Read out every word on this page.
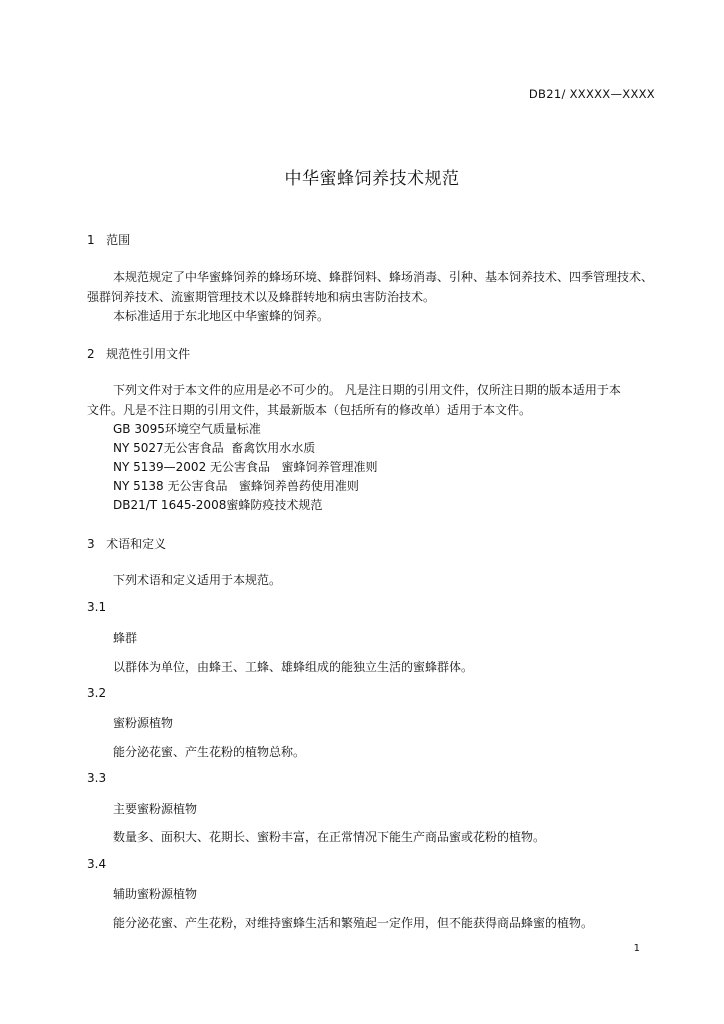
DB21/ XXXXX—XXXX
中华蜜蜂饲养技术规范
1   范围
本规范规定了中华蜜蜂饲养的蜂场环境、蜂群饲料、蜂场消毒、引种、基本饲养技术、四季管理技术、
强群饲养技术、流蜜期管理技术以及蜂群转地和病虫害防治技术。
本标准适用于东北地区中华蜜蜂的饲养。
2   规范性引用文件
下列文件对于本文件的应用是必不可少的。 凡是注日期的引用文件，仅所注日期的版本适用于本
文件。凡是不注日期的引用文件，其最新版本（包括所有的修改单）适用于本文件。
GB 3095环境空气质量标准
NY 5027无公害食品  畜禽饮用水水质
NY 5139—2002 无公害食品   蜜蜂饲养管理准则
NY 5138 无公害食品   蜜蜂饲养兽药使用准则
DB21/T 1645-2008蜜蜂防疫技术规范
3   术语和定义
下列术语和定义适用于本规范。
3.1
蜂群
以群体为单位，由蜂王、工蜂、雄蜂组成的能独立生活的蜜蜂群体。
3.2
蜜粉源植物
能分泌花蜜、产生花粉的植物总称。
3.3
主要蜜粉源植物
数量多、面积大、花期长、蜜粉丰富，在正常情况下能生产商品蜜或花粉的植物。
3.4
辅助蜜粉源植物
能分泌花蜜、产生花粉，对维持蜜蜂生活和繁殖起一定作用，但不能获得商品蜂蜜的植物。
1
